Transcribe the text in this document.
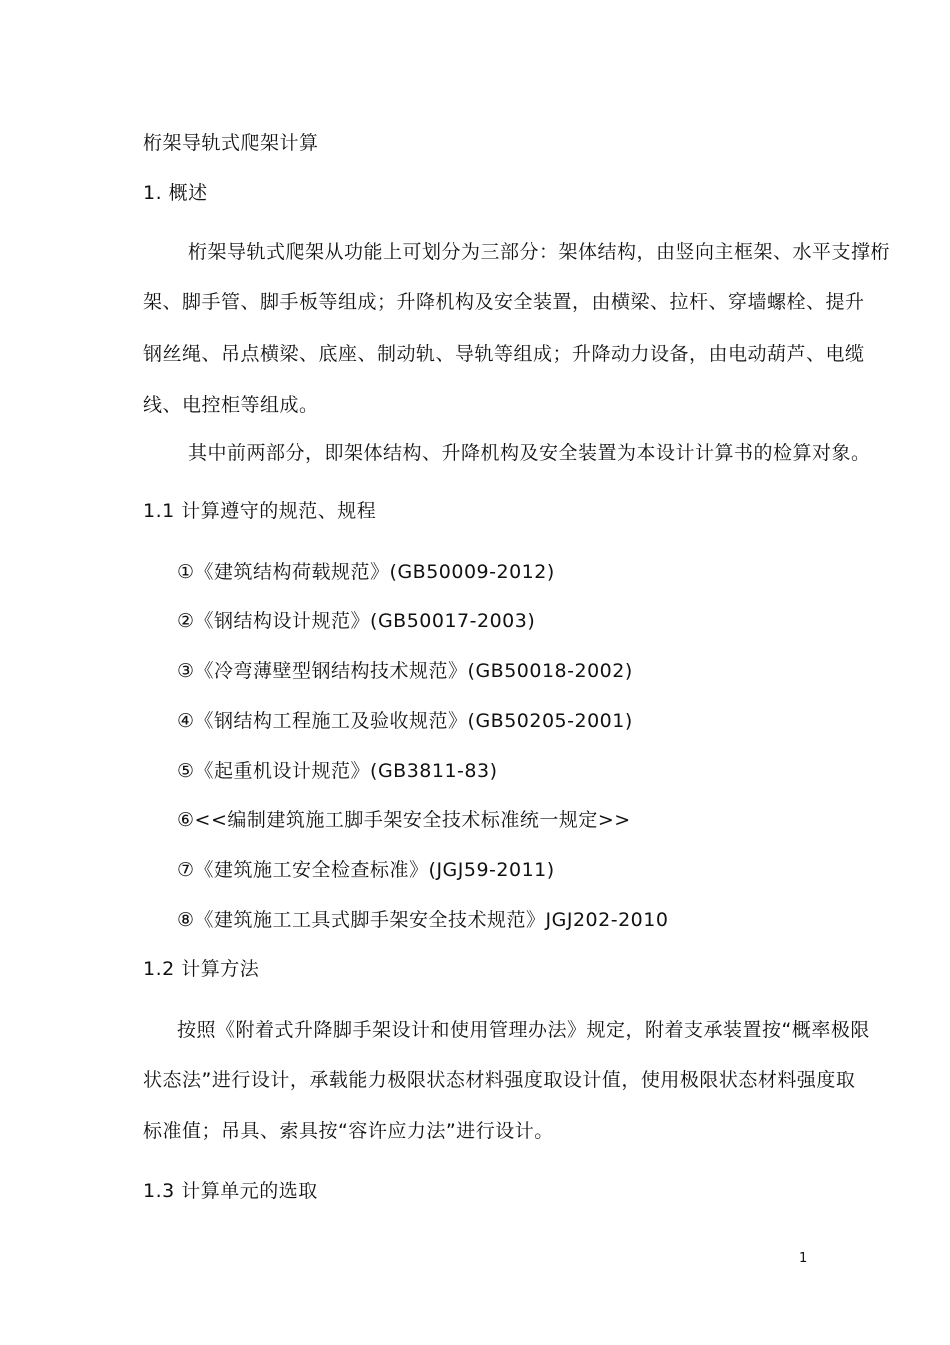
桁架导轨式爬架计算
1. 概述
桁架导轨式爬架从功能上可划分为三部分：架体结构，由竖向主框架、水平支撑桁
架、脚手管、脚手板等组成；升降机构及安全装置，由横梁、拉杆、穿墙螺栓、提升
钢丝绳、吊点横梁、底座、制动轨、导轨等组成；升降动力设备，由电动葫芦、电缆
线、电控柜等组成。
其中前两部分，即架体结构、升降机构及安全装置为本设计计算书的检算对象。
1.1 计算遵守的规范、规程
①《建筑结构荷载规范》(GB50009-2012)
②《钢结构设计规范》(GB50017-2003)
③《冷弯薄壁型钢结构技术规范》(GB50018-2002)
④《钢结构工程施工及验收规范》(GB50205-2001)
⑤《起重机设计规范》(GB3811-83)
⑥<<编制建筑施工脚手架安全技术标准统一规定>>
⑦《建筑施工安全检查标准》(JGJ59-2011)
⑧《建筑施工工具式脚手架安全技术规范》JGJ202-2010
1.2 计算方法
按照《附着式升降脚手架设计和使用管理办法》规定，附着支承装置按“概率极限
状态法”进行设计，承载能力极限状态材料强度取设计值，使用极限状态材料强度取
标准值；吊具、索具按“容许应力法”进行设计。
1.3 计算单元的选取
1
